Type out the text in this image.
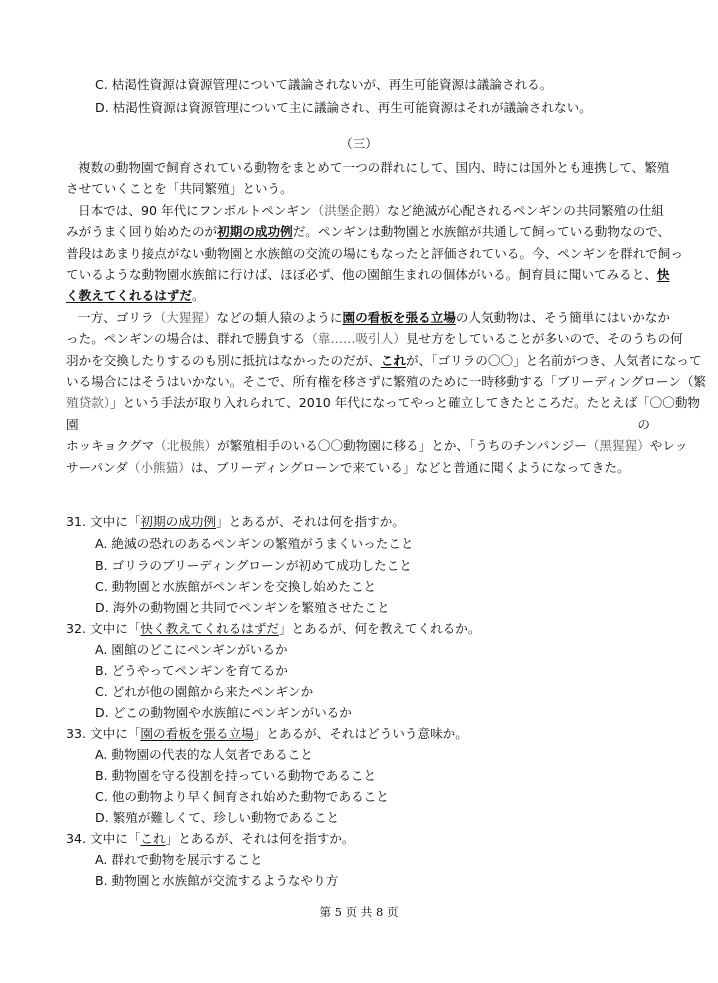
C. 枯渇性資源は資源管理について議論されないが、再生可能資源は議論される。
D. 枯渇性資源は資源管理について主に議論され、再生可能資源はそれが議論されない。
（三）
複数の動物園で飼育されている動物をまとめて一つの群れにして、国内、時には国外とも連携して、繁殖
させていくことを「共同繁殖」という。
日本では、90 年代にフンボルトペンギン（洪堡企鹅）など絶滅が心配されるペンギンの共同繁殖の仕組
みがうまく回り始めたのが初期の成功例だ。ペンギンは動物園と水族館が共通して飼っている動物なので、
普段はあまり接点がない動物園と水族館の交流の場にもなったと評価されている。今、ペンギンを群れで飼っ
ているような動物園水族館に行けば、ほぼ必ず、他の園館生まれの個体がいる。飼育員に聞いてみると、快
く教えてくれるはずだ。
一方、ゴリラ（大猩猩）などの類人猿のように園の看板を張る立場の人気動物は、そう簡単にはいかなか
った。ペンギンの場合は、群れで勝負する（靠……吸引人）見せ方をしていることが多いので、そのうちの何
羽かを交換したりするのも別に抵抗はなかったのだが、これが、「ゴリラの〇〇」と名前がつき、人気者になって
いる場合にはそうはいかない。そこで、所有権を移さずに繁殖のために一時移動する「ブリーディングローン（繁
殖贷款）」という手法が取り入れられて、2010 年代になってやっと確立してきたところだ。たとえば「〇〇動物
園	の
ホッキョクグマ（北极熊）が繁殖相手のいる〇〇動物園に移る」とか、「うちのチンパンジー（黑猩猩）やレッ
サーパンダ（小熊猫）は、ブリーディングローンで来ている」などと普通に聞くようになってきた。
31. 文中に「初期の成功例」とあるが、それは何を指すか。
A. 絶滅の恐れのあるペンギンの繁殖がうまくいったこと
B. ゴリラのブリーディングローンが初めて成功したこと
C. 動物園と水族館がペンギンを交換し始めたこと
D. 海外の動物園と共同でペンギンを繁殖させたこと
32. 文中に「快く教えてくれるはずだ」とあるが、何を教えてくれるか。
A. 園館のどこにペンギンがいるか
B. どうやってペンギンを育てるか
C. どれが他の園館から来たペンギンか
D. どこの動物園や水族館にペンギンがいるか
33. 文中に「園の看板を張る立場」とあるが、それはどういう意味か。
A. 動物園の代表的な人気者であること
B. 動物園を守る役割を持っている動物であること
C. 他の動物より早く飼育され始めた動物であること
D. 繁殖が難しくて、珍しい動物であること
34. 文中に「これ」とあるが、それは何を指すか。
A. 群れで動物を展示すること
B. 動物園と水族館が交流するようなやり方
第 5 页 共 8 页
